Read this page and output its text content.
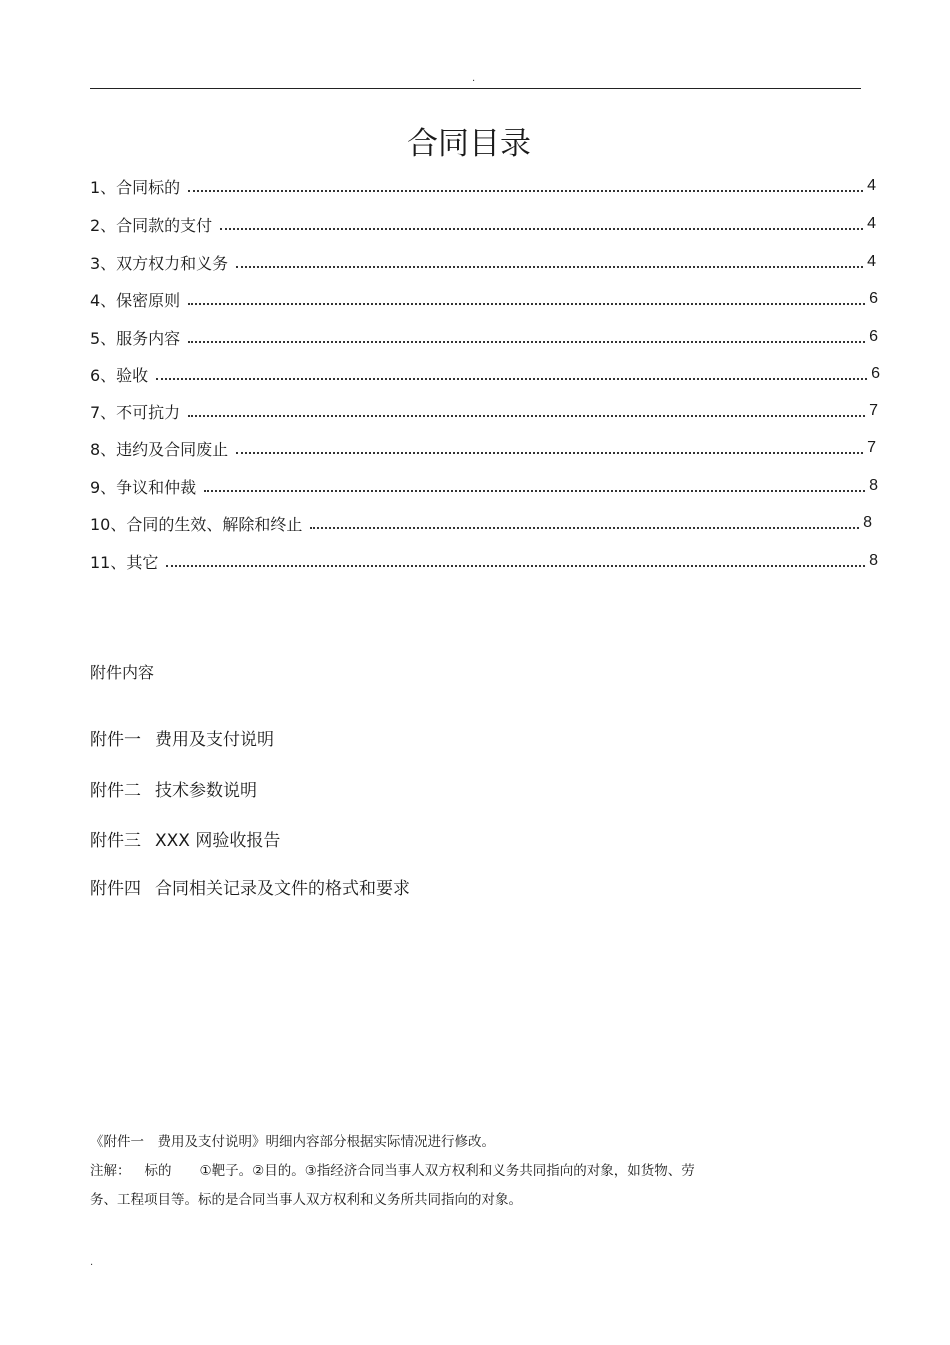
.
合同目录
1、合同标的	4
2、合同款的支付	4
3、双方权力和义务	4
4、保密原则	6
5、服务内容	6
6、验收	6
7、不可抗力	7
8、违约及合同废止	7
9、争议和仲裁	8
10、合同的生效、解除和终止	8
11、其它	8
附件内容
附件一 费用及支付说明
附件二 技术参数说明
附件三 XXX 网验收报告
附件四 合同相关记录及文件的格式和要求

《附件一　费用及支付说明》明细内容部分根据实际情况进行修改。

注解： 标的 ①靶子。②目的。③指经济合同当事人双方权利和义务共同指向的对象，如货物、劳

务、工程项目等。标的是合同当事人双方权利和义务所共同指向的对象。

.
